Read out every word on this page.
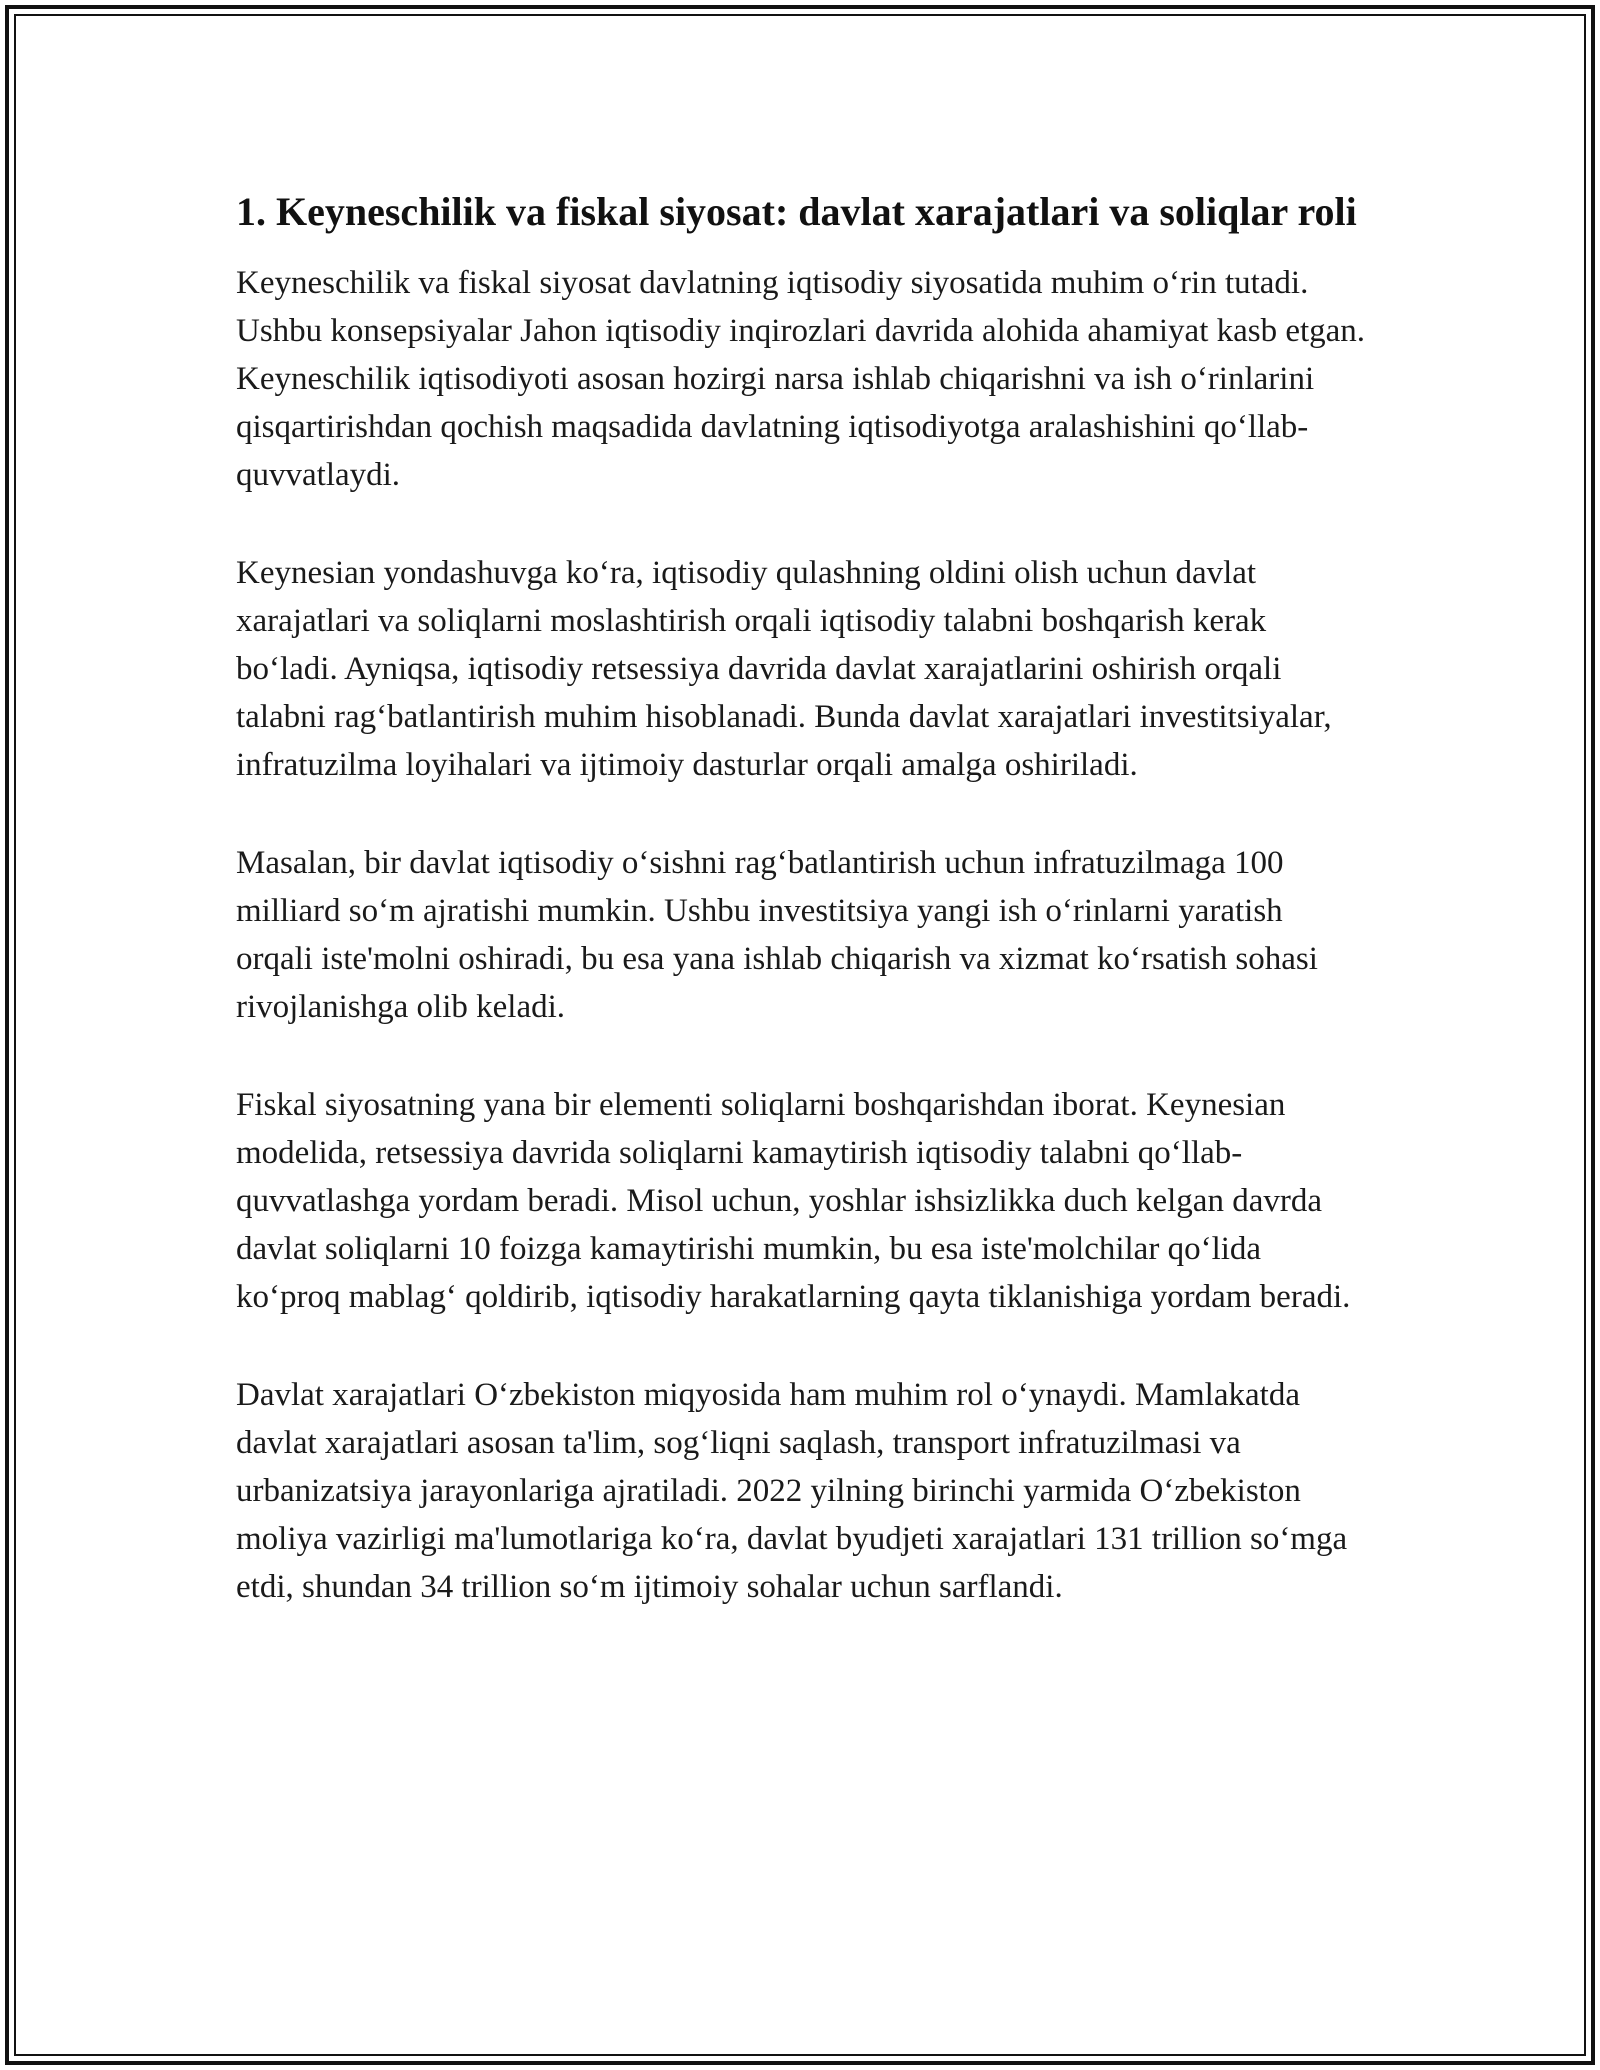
1. Keyneschilik va fiskal siyosat: davlat xarajatlari va soliqlar roli

Keyneschilik va fiskal siyosat davlatning iqtisodiy siyosatida muhim o‘rin tutadi. Ushbu konsepsiyalar Jahon iqtisodiy inqirozlari davrida alohida ahamiyat kasb etgan. Keyneschilik iqtisodiyoti asosan hozirgi narsa ishlab chiqarishni va ish o‘rinlarini qisqartirishdan qochish maqsadida davlatning iqtisodiyotga aralashishini qo‘llab-quvvatlaydi.

Keynesian yondashuvga ko‘ra, iqtisodiy qulashning oldini olish uchun davlat xarajatlari va soliqlarni moslashtirish orqali iqtisodiy talabni boshqarish kerak bo‘ladi. Ayniqsa, iqtisodiy retsessiya davrida davlat xarajatlarini oshirish orqali talabni rag‘batlantirish muhim hisoblanadi. Bunda davlat xarajatlari investitsiyalar, infratuzilma loyihalari va ijtimoiy dasturlar orqali amalga oshiriladi.

Masalan, bir davlat iqtisodiy o‘sishni rag‘batlantirish uchun infratuzilmaga 100 milliard so‘m ajratishi mumkin. Ushbu investitsiya yangi ish o‘rinlarni yaratish orqali iste'molni oshiradi, bu esa yana ishlab chiqarish va xizmat ko‘rsatish sohasi rivojlanishga olib keladi.

Fiskal siyosatning yana bir elementi soliqlarni boshqarishdan iborat. Keynesian modelida, retsessiya davrida soliqlarni kamaytirish iqtisodiy talabni qo‘llab-quvvatlashga yordam beradi. Misol uchun, yoshlar ishsizlikka duch kelgan davrda davlat soliqlarni 10 foizga kamaytirishi mumkin, bu esa iste'molchilar qo‘lida ko‘proq mablag‘ qoldirib, iqtisodiy harakatlarning qayta tiklanishiga yordam beradi.

Davlat xarajatlari O‘zbekiston miqyosida ham muhim rol o‘ynaydi. Mamlakatda davlat xarajatlari asosan ta'lim, sog‘liqni saqlash, transport infratuzilmasi va urbanizatsiya jarayonlariga ajratiladi. 2022 yilning birinchi yarmida O‘zbekiston moliya vazirligi ma'lumotlariga ko‘ra, davlat byudjeti xarajatlari 131 trillion so‘mga etdi, shundan 34 trillion so‘m ijtimoiy sohalar uchun sarflandi.
